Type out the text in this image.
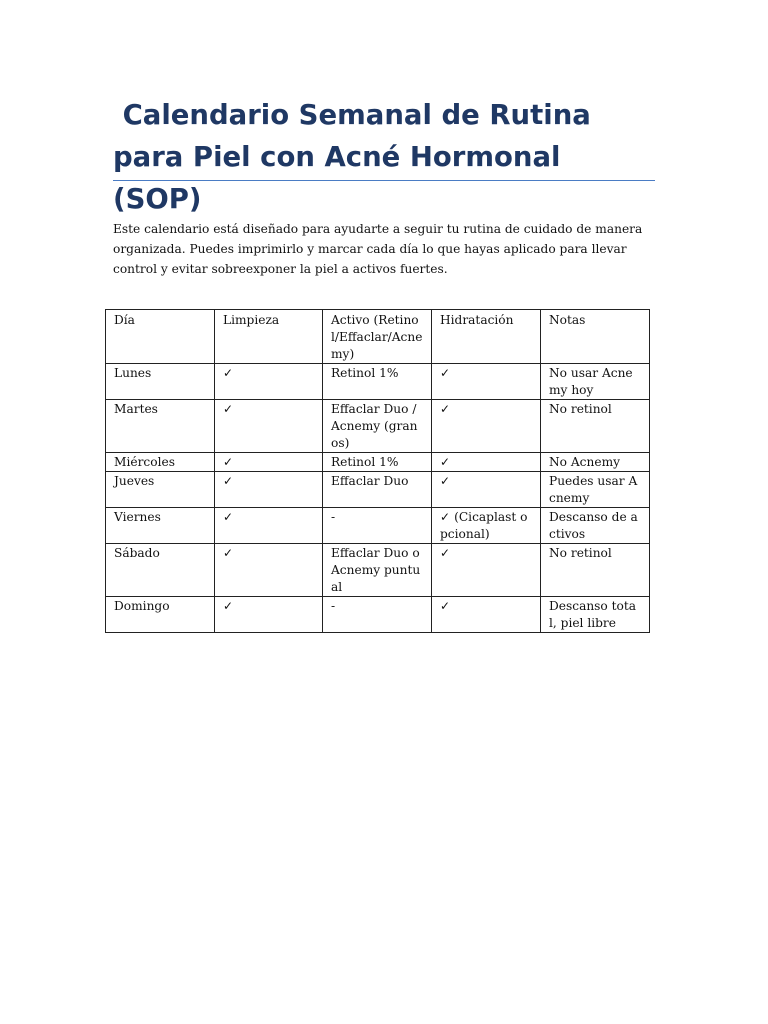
Calendario Semanal de Rutina para Piel con Acné Hormonal (SOP)

Este calendario está diseñado para ayudarte a seguir tu rutina de cuidado de manera organizada. Puedes imprimirlo y marcar cada día lo que hayas aplicado para llevar control y evitar sobreexponer la piel a activos fuertes.

Día	Limpieza	Activo (Retinol/Effaclar/Acnemy)	Hidratación	Notas
Lunes	✓	Retinol 1%	✓	No usar Acnemy hoy
Martes	✓	Effaclar Duo / Acnemy (granos)	✓	No retinol
Miércoles	✓	Retinol 1%	✓	No Acnemy
Jueves	✓	Effaclar Duo	✓	Puedes usar Acnemy
Viernes	✓	-	✓ (Cicaplast opcional)	Descanso de activos
Sábado	✓	Effaclar Duo o Acnemy puntual	✓	No retinol
Domingo	✓	-	✓	Descanso total, piel libre
